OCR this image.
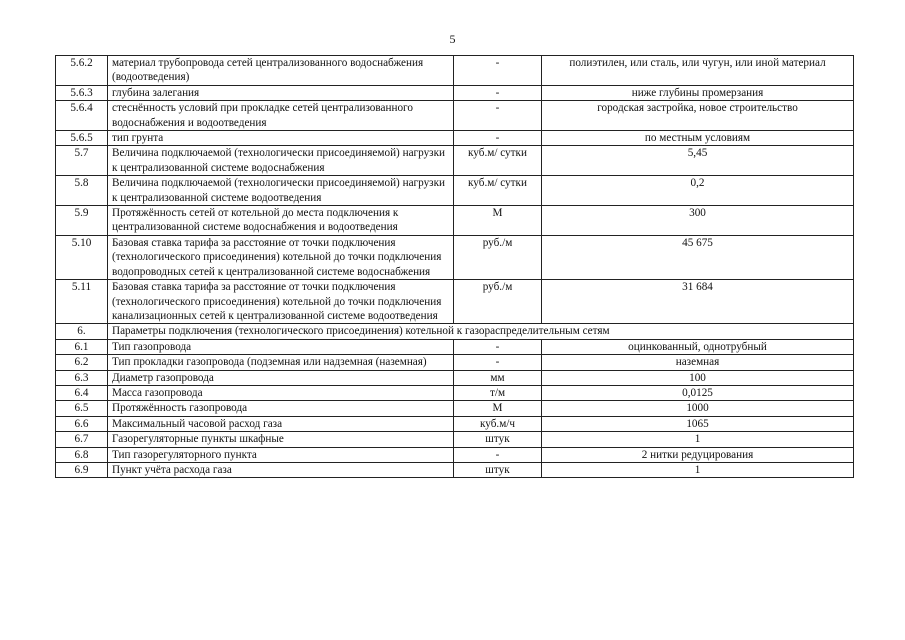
5
5.6.2	материал трубопровода сетей централизованного водоснабжения (водоотведения)	-	полиэтилен, или сталь, или чугун, или иной материал
5.6.3	глубина залегания	-	ниже глубины промерзания
5.6.4	стеснённость условий при прокладке сетей централизованного водоснабжения и водоотведения	-	городская застройка, новое строительство
5.6.5	тип грунта	-	по местным условиям
5.7	Величина подключаемой (технологически присоединяемой) нагрузки к централизованной системе водоснабжения	куб.м/ сутки	5,45
5.8	Величина подключаемой (технологически присоединяемой) нагрузки к централизованной системе водоотведения	куб.м/ сутки	0,2
5.9	Протяжённость сетей от котельной до места подключения к централизованной системе водоснабжения и водоотведения	М	300
5.10	Базовая ставка тарифа за расстояние от точки подключения (технологического присоединения) котельной до точки подключения водопроводных сетей к централизованной системе водоснабжения	руб./м	45 675
5.11	Базовая ставка тарифа за расстояние от точки подключения (технологического присоединения) котельной до точки подключения канализационных сетей к централизованной системе водоотведения	руб./м	31 684
6.	Параметры подключения (технологического присоединения) котельной к газораспределительным сетям		
6.1	Тип газопровода	-	оцинкованный, однотрубный
6.2	Тип прокладки газопровода (подземная или надземная (наземная)	-	наземная
6.3	Диаметр газопровода	мм	100
6.4	Масса газопровода	т/м	0,0125
6.5	Протяжённость газопровода	М	1000
6.6	Максимальный часовой расход газа	куб.м/ч	1065
6.7	Газорегуляторные пункты шкафные	штук	1
6.8	Тип газорегуляторного пункта	-	2 нитки редуцирования
6.9	Пункт учёта расхода газа	штук	1
